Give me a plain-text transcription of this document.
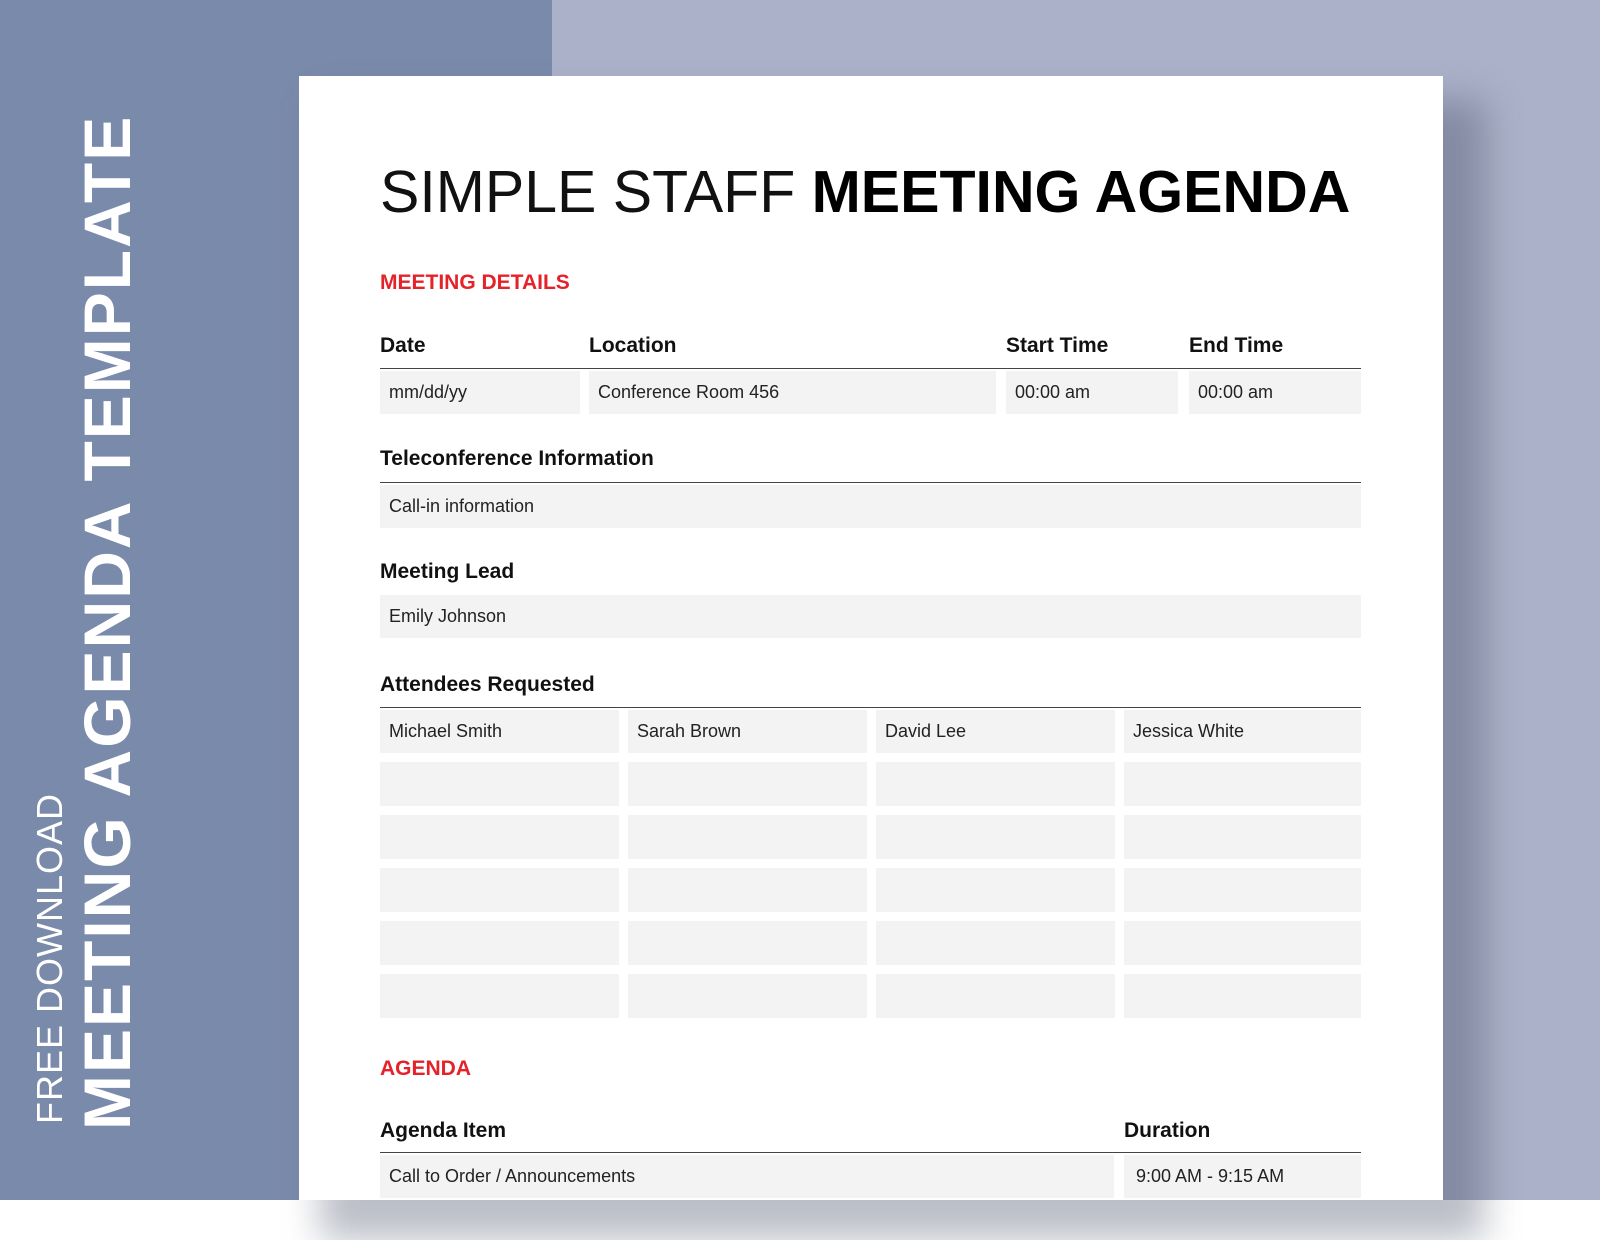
FREE DOWNLOAD MEETING AGENDA TEMPLATE	SIMPLE STAFF MEETING AGENDA
MEETING DETAILS
Date	Location	Start Time	End Time
mm/dd/yy	Conference Room 456	00:00 am	00:00 am
Teleconference Information
Call-in information
Meeting Lead
Emily Johnson
Attendees Requested
Michael Smith	Sarah Brown	David Lee	Jessica White
AGENDA
Agenda Item	Duration
Call to Order / Announcements	9:00 AM - 9:15 AM
